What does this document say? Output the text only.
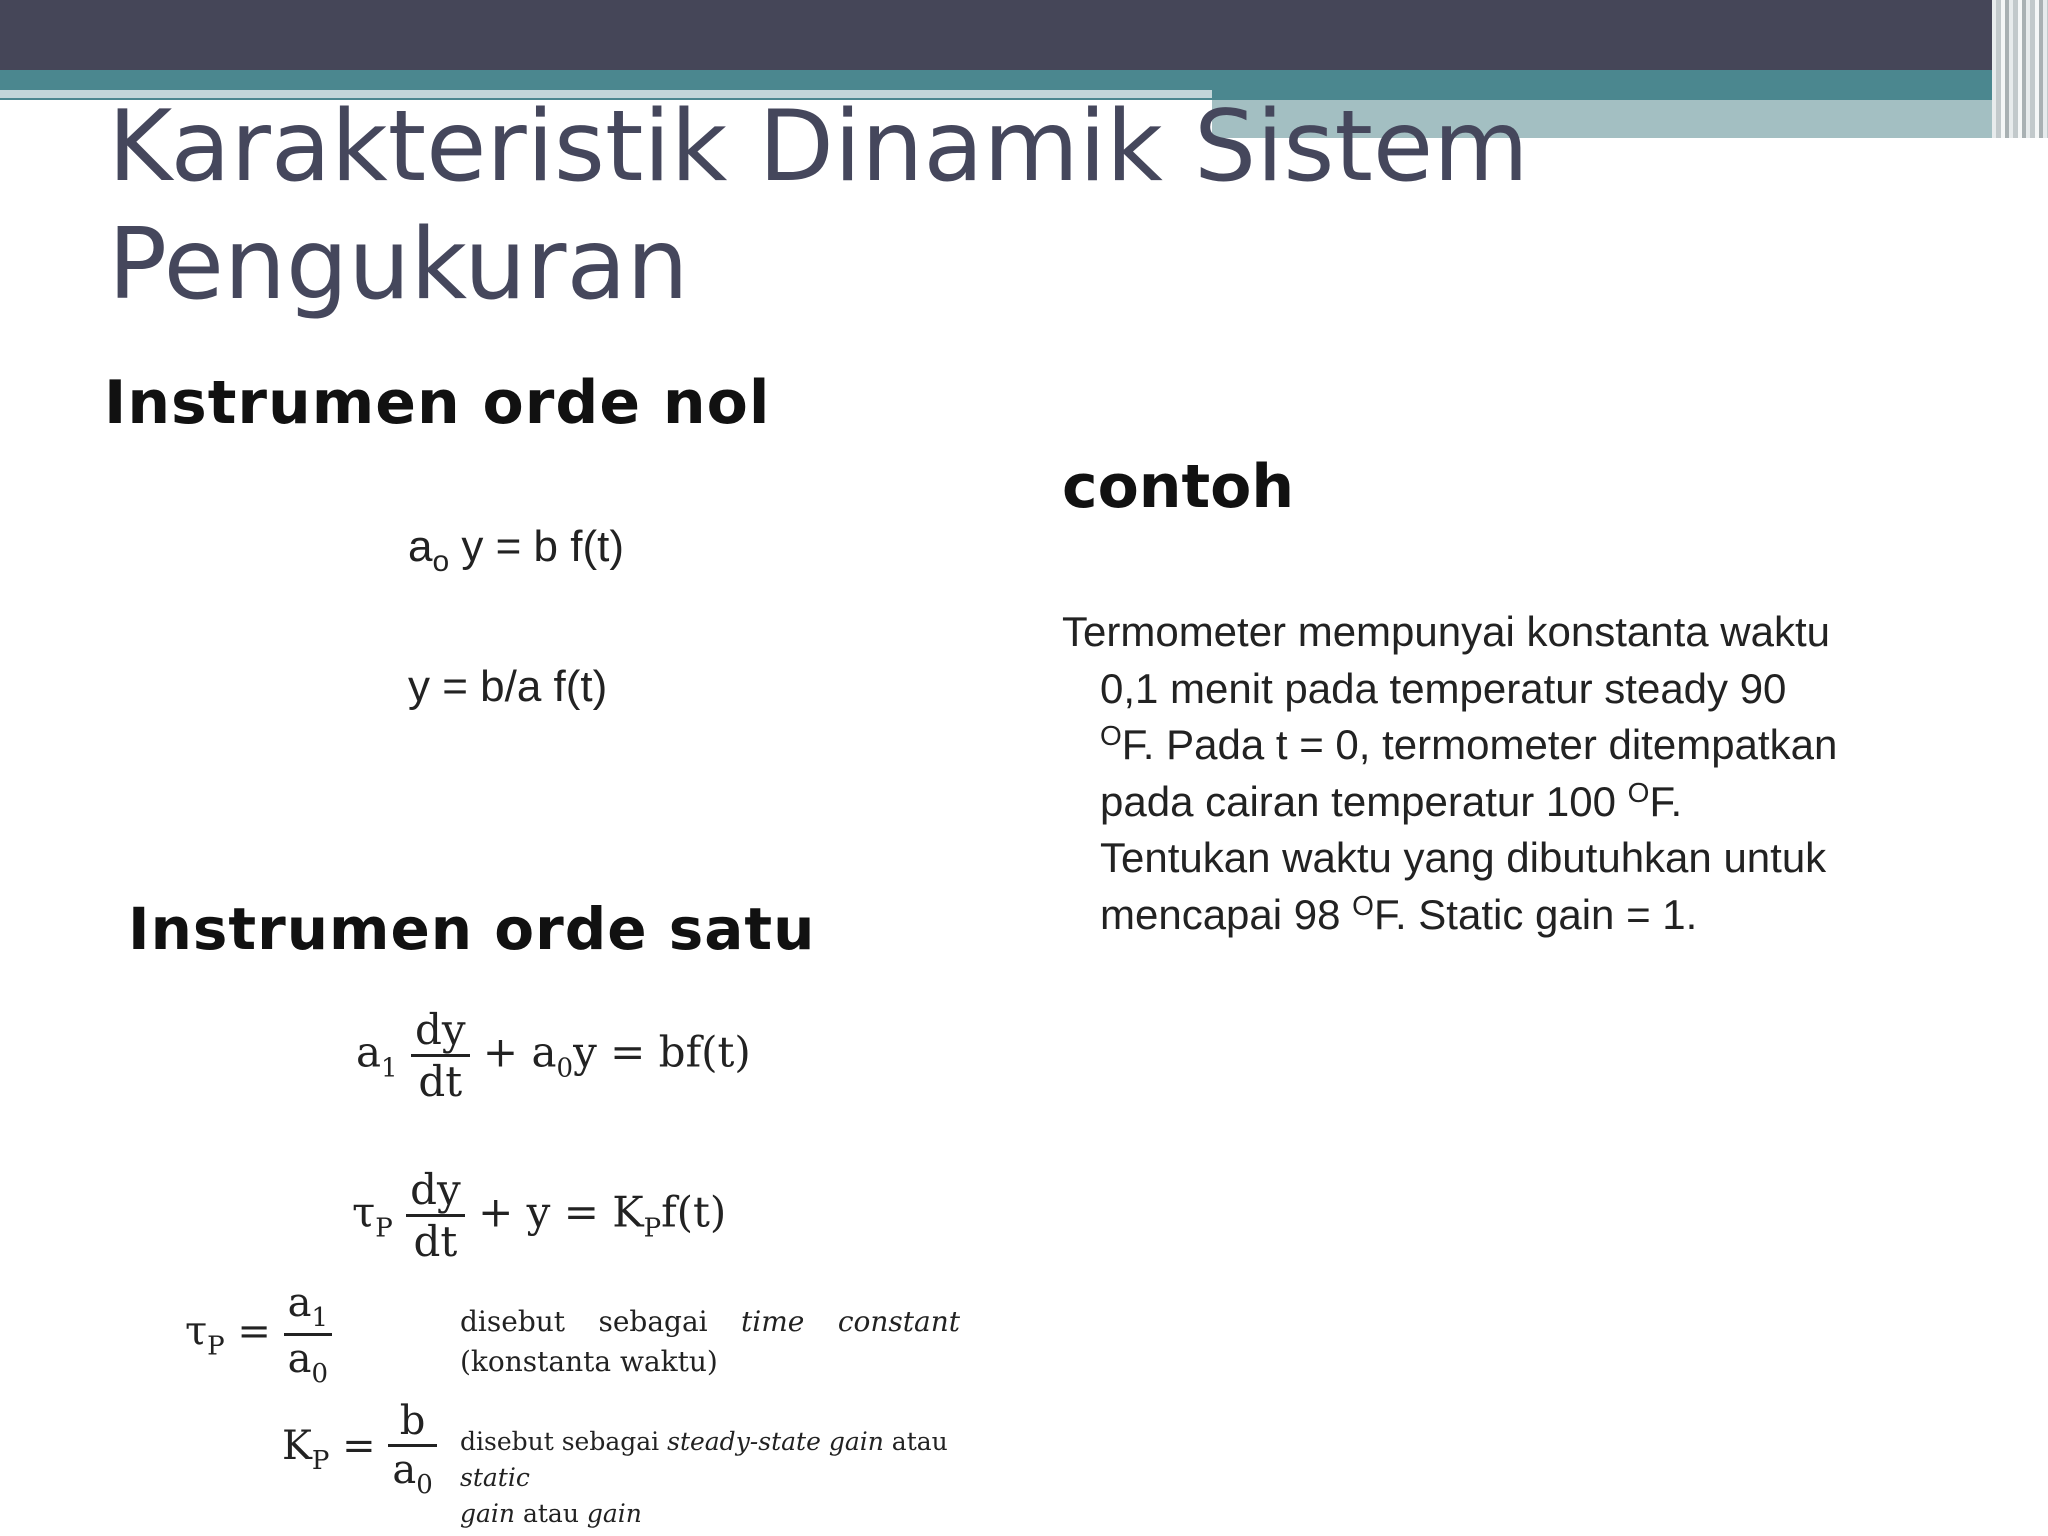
Karakteristik Dinamik Sistem
Pengukuran
Instrumen orde nol
$a_o$ y = b f(t)
y = b/a f(t)
Instrumen orde satu
$a_1 \frac{dy}{dt} + a_0y = bf(t)$
$\tau_P \frac{dy}{dt} + y = K_Pf(t)$
$\tau_P = \frac{a_1}{a_0}$	disebut sebagai time constant
(konstanta waktu)
$K_P = \frac{b}{a_0}$ disebut sebagai steady-state gain atau static
gain atau gain
contoh
Termometer mempunyai konstanta waktu
0,1 menit pada temperatur steady 90
$^O$F. Pada t = 0, termometer ditempatkan
pada cairan temperatur 100 $^O$F.
Tentukan waktu yang dibutuhkan untuk
mencapai 98 $^O$F. Static gain = 1.
